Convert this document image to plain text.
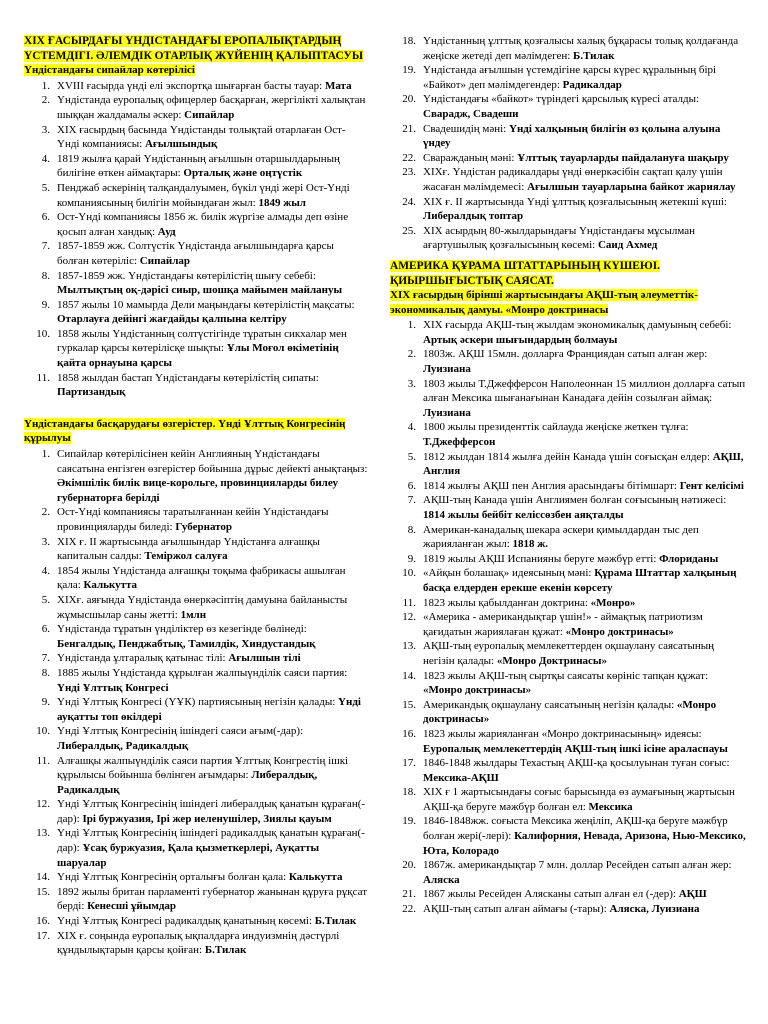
XIX ҒАСЫРДАҒЫ ҮНДІСТАНДАҒЫ ЕРОПАЛЫҚТАРДЫҢ ҮСТЕМДІГІ. ӘЛЕМДІК ОТАРЛЫҚ ЖҮЙЕНІҢ ҚАЛЫПТАСУЫ
Үндістандағы сипайлар көтерілісі
1. XVIII ғасырда үнді елі экспортқа шығарған басты тауар: Мата
2. Үндістанда еуропалық офицерлер басқарған, жергілікті халықтан шыққан жалдамалы әскер: Сипайлар
3. XIX ғасырдың басында Үндістанды толықтай отарлаған Ост-Үнді компаниясы: Ағылшындық
4. 1819 жылға қарай Үндістанның ағылшын отаршылдарының билігіне өткен аймақтары: Орталық және оңтүстік
5. Пенджаб әскерінің талқандалуымен, бүкіл үнді жері Ост-Үнді компаниясының билігін мойындаған жыл: 1849 жыл
6. Ост-Үнді компаниясы 1856 ж. билік жүргізе алмады деп өзіне қосып алған хандық: Ауд
7. 1857-1859 жж. Солтүстік Үндістанда ағылшындарға қарсы болған көтеріліс: Сипайлар
8. 1857-1859 жж. Үндістандағы көтерілістің шығу себебі: Мылтықтың оқ-дәрісі сиыр, шошқа майымен майлануы
9. 1857 жылы 10 мамырда Дели маңындағы көтерілістің мақсаты: Отарлауға дейінгі жағдайды қалпына келтіру
10. 1858 жылы Үндістанның солтүстігінде тұратын сикхалар мен гуркалар қарсы көтерілісқе шықты: Ұлы Моғол өкіметінің қайта орнауына қарсы
11. 1858 жылдан бастап Үндістандағы көтерілістің сипаты: Партизандық
Үндістандағы басқарудағы өзгерістер. Үнді Ұлттық Конгресінің құрылуы
1. Сипайлар көтерілісінен кейін Англияның Үндістандағы саясатына енгізген өзгерістер бойынша дұрыс дейекті анықтаңыз: Әкімшілік билік вице-корольге, провинцияларды билеу губернаторға берілді
2. Ост-Үнді компаниясы таратылғаннан кейін Үндістандағы провинцияларды биледі: Губернатор
3. XIX ғ. ІІ жартысында ағылшындар Үндістанға алғашқы капиталын салды: Теміржол салуға
4. 1854 жылы Үндістанда алғашқы тоқыма фабрикасы ашылған қала: Калькутта
5. XIXғ. аяғында Үндістанда өнеркәсіптің дамуына байланысты жұмысшылар саны жетті: 1млн
6. Үндістанда тұратын үнділіктер өз кезегінде бөлінеді: Бенгалдық, Пенджабтық, Тамилдік, Хиндустандық
7. Үндістанда ұлтаралық қатынас тілі: Ағылшын тілі
8. 1885 жылы Үндістанда құрылған жалпыүнділік саяси партия: Үнді Ұлттық Конгресі
9. Үнді Ұлттық Конгресі (ҮҰК) партиясының негізін қалады: Үнді ауқатты топ өкілдері
10. Үнді Ұлттық Конгресінің ішіндегі саяси ағым(-дар): Либералдық, Радикалдық
11. Алғашқы жалпыүнділік саяси партия Ұлттық Конгрестің ішкі құрылысы бойынша бөлінген ағымдары: Либералдық, Радикалдық
12. Үнді Ұлттық Конгресінің ішіндегі либералдық қанатын құраған(-дар): Ірі буржуазия, Ірі жер иеленушілер, Зиялы қауым
13. Үнді Ұлттық Конгресінің ішіндегі радикалдық қанатын құраған(-дар): Ұсақ буржуазия, Қала қызметкерлері, Ауқатты шаруалар
14. Үнді Ұлттық Конгресінің орталығы болған қала: Калькутта
15. 1892 жылы британ парламенті губернатор жанынан құруға рұқсат берді: Кенесші ұйымдар
16. Үнді Ұлттық Конгресі радикалдық қанатының көсемі: Б.Тилак
17. XIX ғ. соңында еуропалық ықпалдарға индуизмнің дәстүрлі құндылықтарын қарсы қойған: Б.Тилак
18. Үндістанның ұлттық қозғалысы халық бұқарасы толық қолдағанда жеңіске жетеді деп мәлімдеген: Б.Тилак
19. Үндістанда ағылшын үстемдігіне қарсы күрес құралының бірі «Байкот» деп мәлімдегендер: Радикалдар
20. Үндістандағы «байкот» түріндегі қарсылық күресі аталды: Сварадж, Свадеши
21. Свадешидің мәні: Үнді халқының билігін өз қолына алуына үндеу
22. Сваражданың мәні: Ұлттық тауарларды пайдалануға шақыру
23. XIXғ. Үндістан радикалдары үнді өнеркәсібін сақтап қалу үшін жасаған мәлімдемесі: Ағылшын тауарларына байкот жариялау
24. XIX ғ. ІІ жартысында Үнді ұлттық қозғалысының жетекші күші: Либералдық топтар
25. XIX асырдың 80-жылдарындағы Үндістандағы мұсылман ағартушылық қозғалысының көсемі: Саид Ахмед
АМЕРИКА ҚҰРАМА ШТАТТАРЫНЫҢ КҮШЕЮІ. ҚИЫРШЫҒЫСТЫҚ САЯСАТ.
XIX ғасырдың бірінші жартысындағы АҚШ-тың әлеуметтік-экономикалық дамуы. «Монро доктринасы
1. XIX ғасырда АҚШ-тың жылдам экономикалық дамуының себебі: Артық әскери шығындардың болмауы
2. 1803ж. АҚШ 15млн. долларға Франциядан сатып алған жер: Луизиана
3. 1803 жылы Т.Джефферсон Наполеоннан 15 миллион долларға сатып алған Мексика шығанағынан Канадаға дейін созылған аймақ: Луизиана
4. 1800 жылы президенттік сайлауда жеңіске жеткен тұлға: Т.Джефферсон
5. 1812 жылдан 1814 жылға дейін Канада үшін соғысқан елдер: АҚШ, Англия
6. 1814 жылғы АҚШ пен Англия арасындағы бітімшарт: Гент келісімі
7. АҚШ-тың Канада үшін Англиямен болған соғысының нәтижесі: 1814 жылы бейбіт келіссөзбен аяқталды
8. Американ-канадалық шекара әскери қимылдардан тыс деп жарияланған жыл: 1818 ж.
9. 1819 жылы АҚШ Испанияны беруге мәжбүр етті: Флориданы
10. «Айқын болашақ» идеясының мәні: Құрама Штаттар халқының басқа елдерден ерекше екенін көрсету
11. 1823 жылы қабылданған доктрина: «Монро»
12. «Америка - американдықтар үшін!» - аймақтық патриотизм қағидатын жариялаған құжат: «Монро доктринасы»
13. АҚШ-тың еуропалық мемлекеттерден оқшаулану саясатының негізін қалады: «Монро Доктринасы»
14. 1823 жылы АҚШ-тың сыртқы саясаты көрініс тапқан құжат: «Монро доктринасы»
15. Американдық оқшаулану саясатының негізін қалады: «Монро доктринасы»
16. 1823 жылы жарияланған «Монро доктринасының» идеясы: Еуропалық мемлекеттердің АҚШ-тың ішкі ісіне араласпауы
17. 1846-1848 жылдары Техастың АҚШ-қа қосылуынан туған соғыс: Мексика-АҚШ
18. XIX ғ 1 жартысындағы соғыс барысында өз аумағының жартысын АҚШ-қа беруге мәжбүр болған ел: Мексика
19. 1846-1848жж. соғыста Мексика жеңіліп, АҚШ-қа беруге мәжбүр болған жері(-лері): Калифорния, Невада, Аризона, Нью-Мексико, Юта, Колорадо
20. 1867ж. американдықтар 7 млн. доллар Ресейден сатып алған жер: Аляска
21. 1867 жылы Ресейден Аляcканы сатып алған ел (-дер): АҚШ
22. АҚШ-тың сатып алған аймағы (-тары): Аляска, Луизиана
